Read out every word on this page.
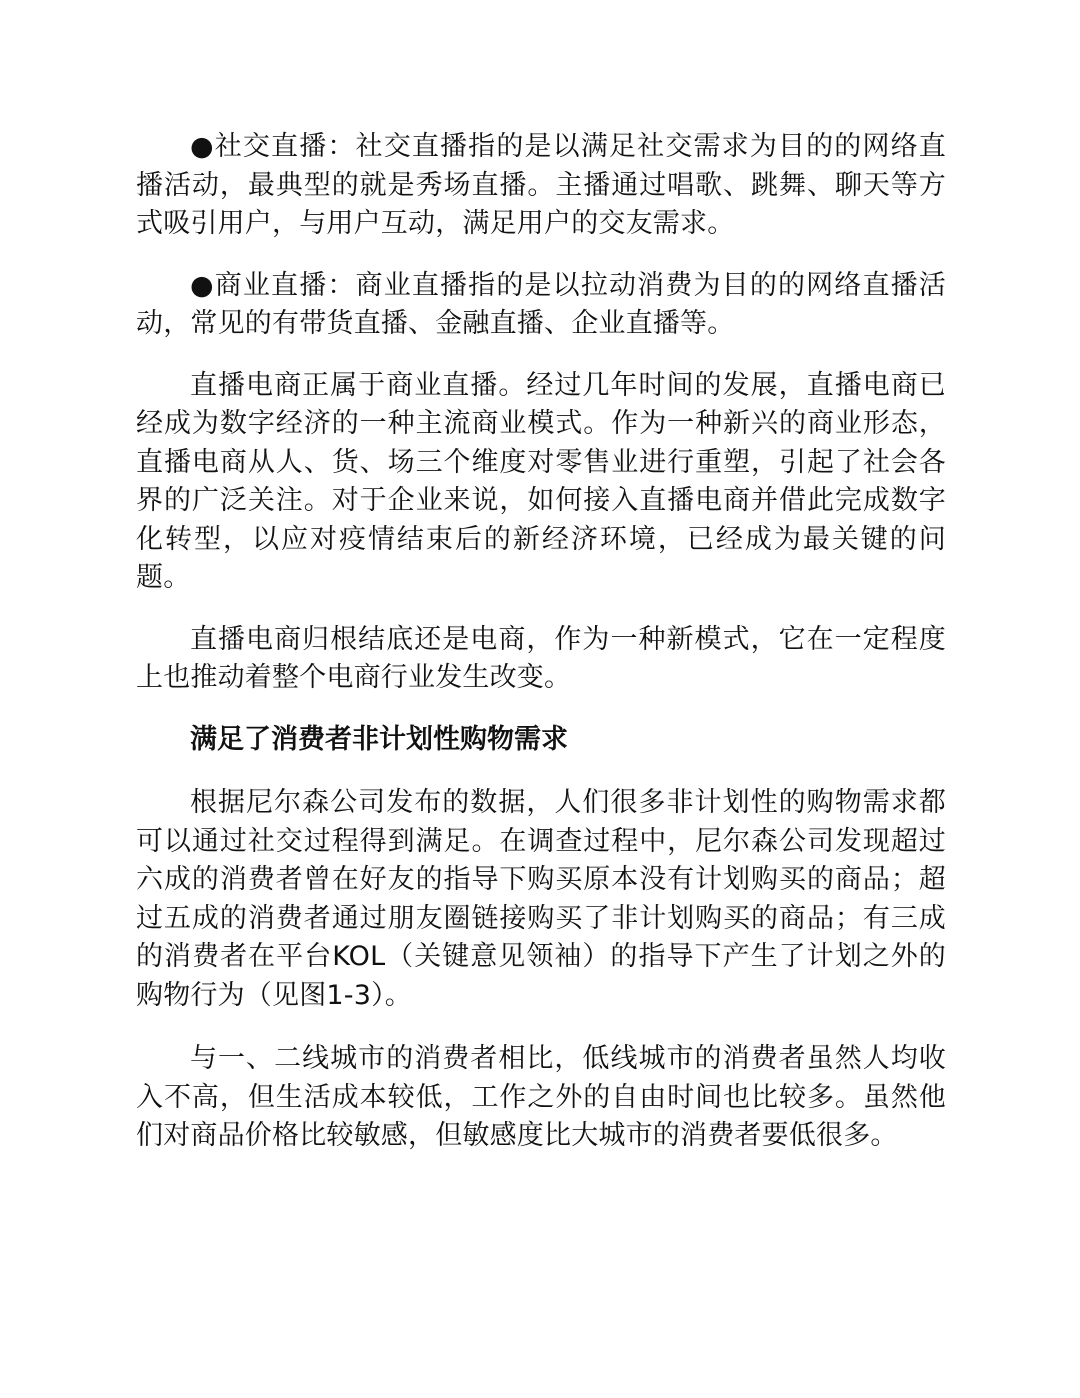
●社交直播：社交直播指的是以满足社交需求为目的的网络直播活动，最典型的就是秀场直播。主播通过唱歌、跳舞、聊天等方式吸引用户，与用户互动，满足用户的交友需求。

●商业直播：商业直播指的是以拉动消费为目的的网络直播活动，常见的有带货直播、金融直播、企业直播等。

直播电商正属于商业直播。经过几年时间的发展，直播电商已经成为数字经济的一种主流商业模式。作为一种新兴的商业形态，直播电商从人、货、场三个维度对零售业进行重塑，引起了社会各界的广泛关注。对于企业来说，如何接入直播电商并借此完成数字化转型，以应对疫情结束后的新经济环境，已经成为最关键的问题。

直播电商归根结底还是电商，作为一种新模式，它在一定程度上也推动着整个电商行业发生改变。

满足了消费者非计划性购物需求

根据尼尔森公司发布的数据，人们很多非计划性的购物需求都可以通过社交过程得到满足。在调查过程中，尼尔森公司发现超过六成的消费者曾在好友的指导下购买原本没有计划购买的商品；超过五成的消费者通过朋友圈链接购买了非计划购买的商品；有三成的消费者在平台KOL（关键意见领袖）的指导下产生了计划之外的购物行为（见图1-3）。

与一、二线城市的消费者相比，低线城市的消费者虽然人均收入不高，但生活成本较低，工作之外的自由时间也比较多。虽然他们对商品价格比较敏感，但敏感度比大城市的消费者要低很多。
